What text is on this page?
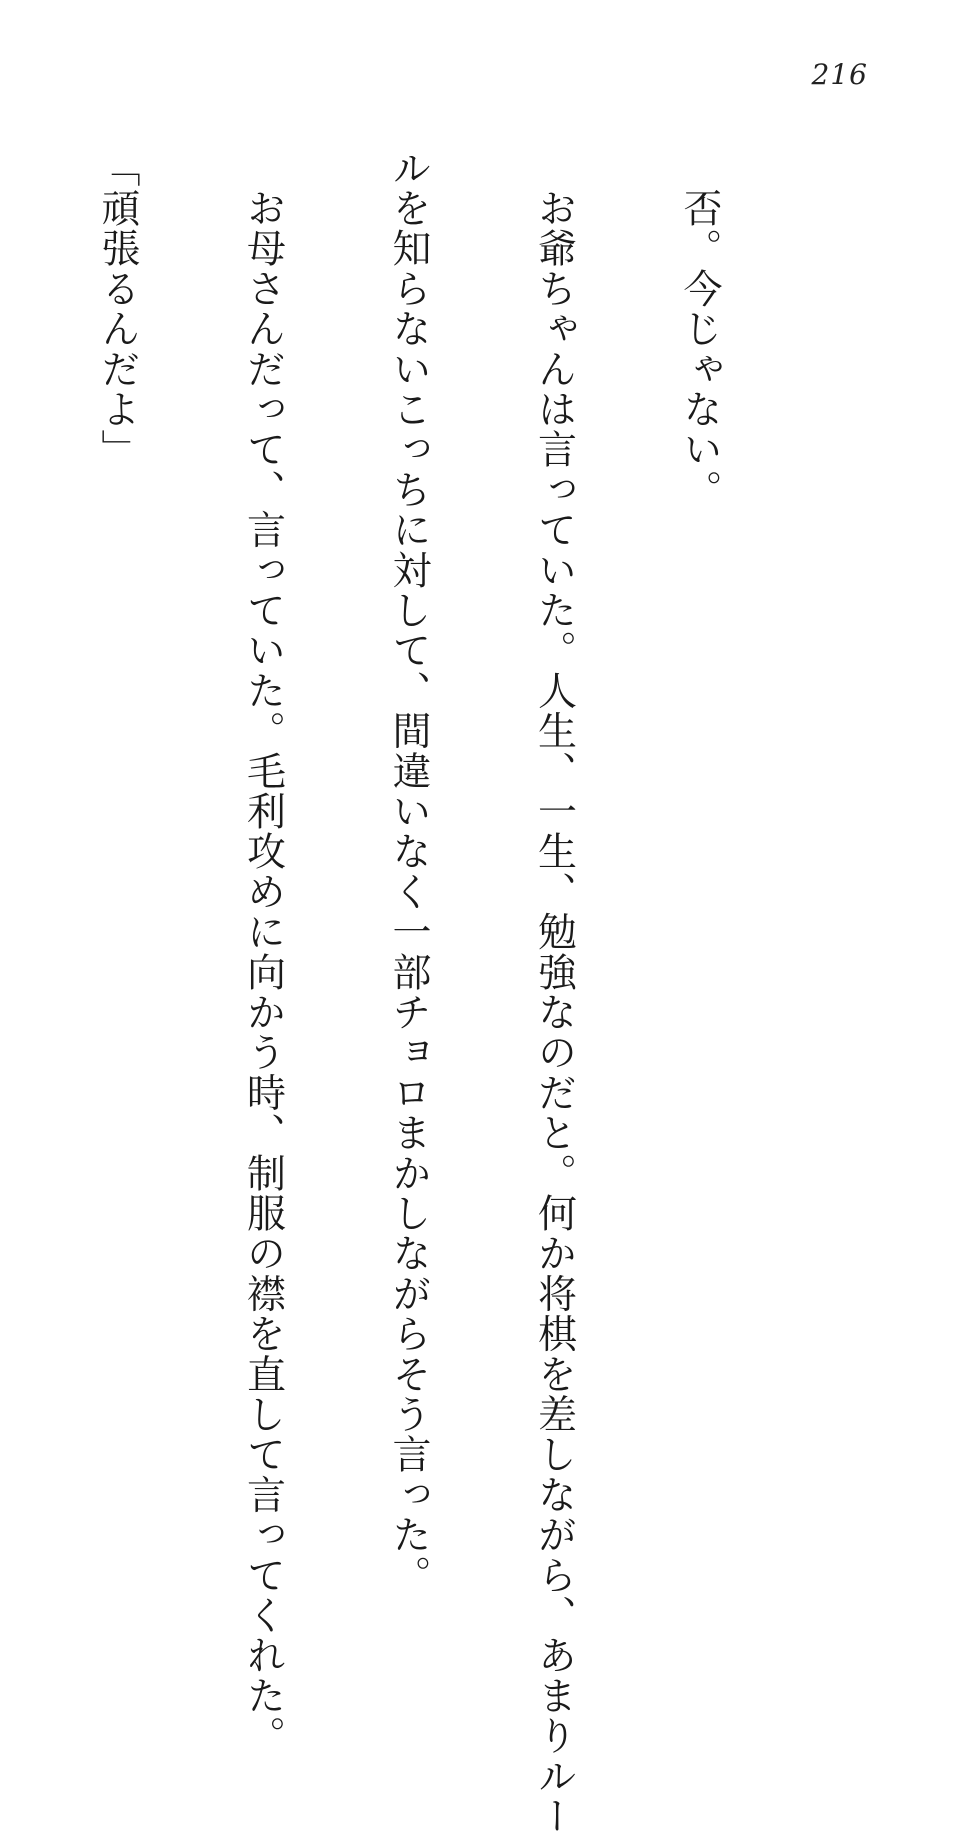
216

　否。今じゃない。

　お爺ちゃんは言っていた。人生、一生、勉強なのだと。何か将棋を差しながら、あまりルー

ルを知らないこっちに対して、間違いなく一部チョロまかしながらそう言った。

　お母さんだって、言っていた。毛利攻めに向かう時、制服の襟を直して言ってくれた。

「頑張るんだよ」
